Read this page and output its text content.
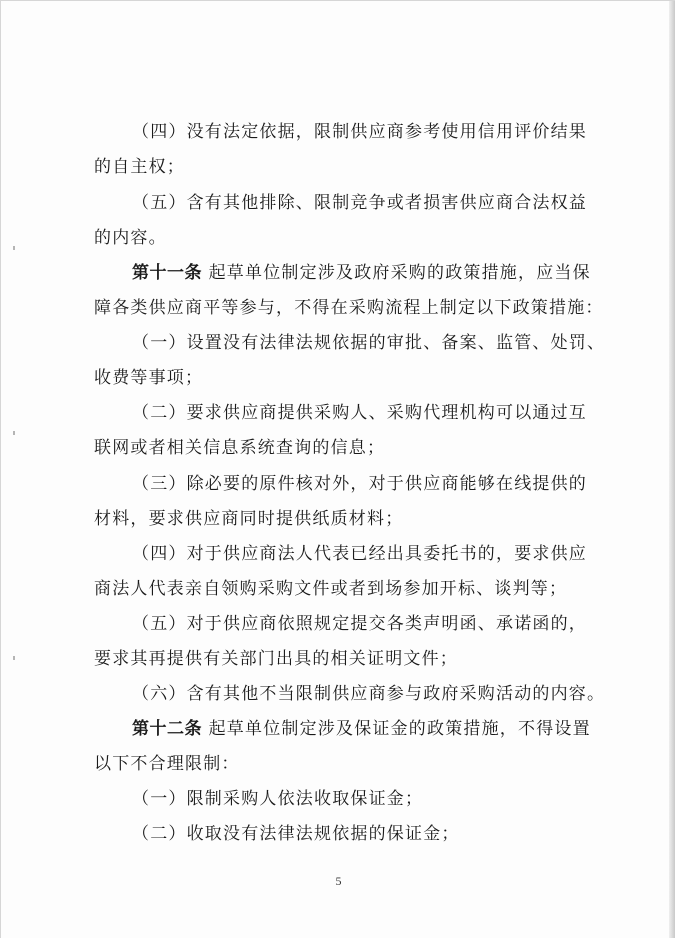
（四）没有法定依据，限制供应商参考使用信用评价结果
的自主权；
（五）含有其他排除、限制竞争或者损害供应商合法权益
的内容。
第十一条 起草单位制定涉及政府采购的政策措施，应当保
障各类供应商平等参与，不得在采购流程上制定以下政策措施：
（一）设置没有法律法规依据的审批、备案、监管、处罚、
收费等事项；
（二）要求供应商提供采购人、采购代理机构可以通过互
联网或者相关信息系统查询的信息；
（三）除必要的原件核对外，对于供应商能够在线提供的
材料，要求供应商同时提供纸质材料；
（四）对于供应商法人代表已经出具委托书的，要求供应
商法人代表亲自领购采购文件或者到场参加开标、谈判等；
（五）对于供应商依照规定提交各类声明函、承诺函的，
要求其再提供有关部门出具的相关证明文件；
（六）含有其他不当限制供应商参与政府采购活动的内容。
第十二条 起草单位制定涉及保证金的政策措施，不得设置
以下不合理限制：
（一）限制采购人依法收取保证金；
（二）收取没有法律法规依据的保证金；
5
